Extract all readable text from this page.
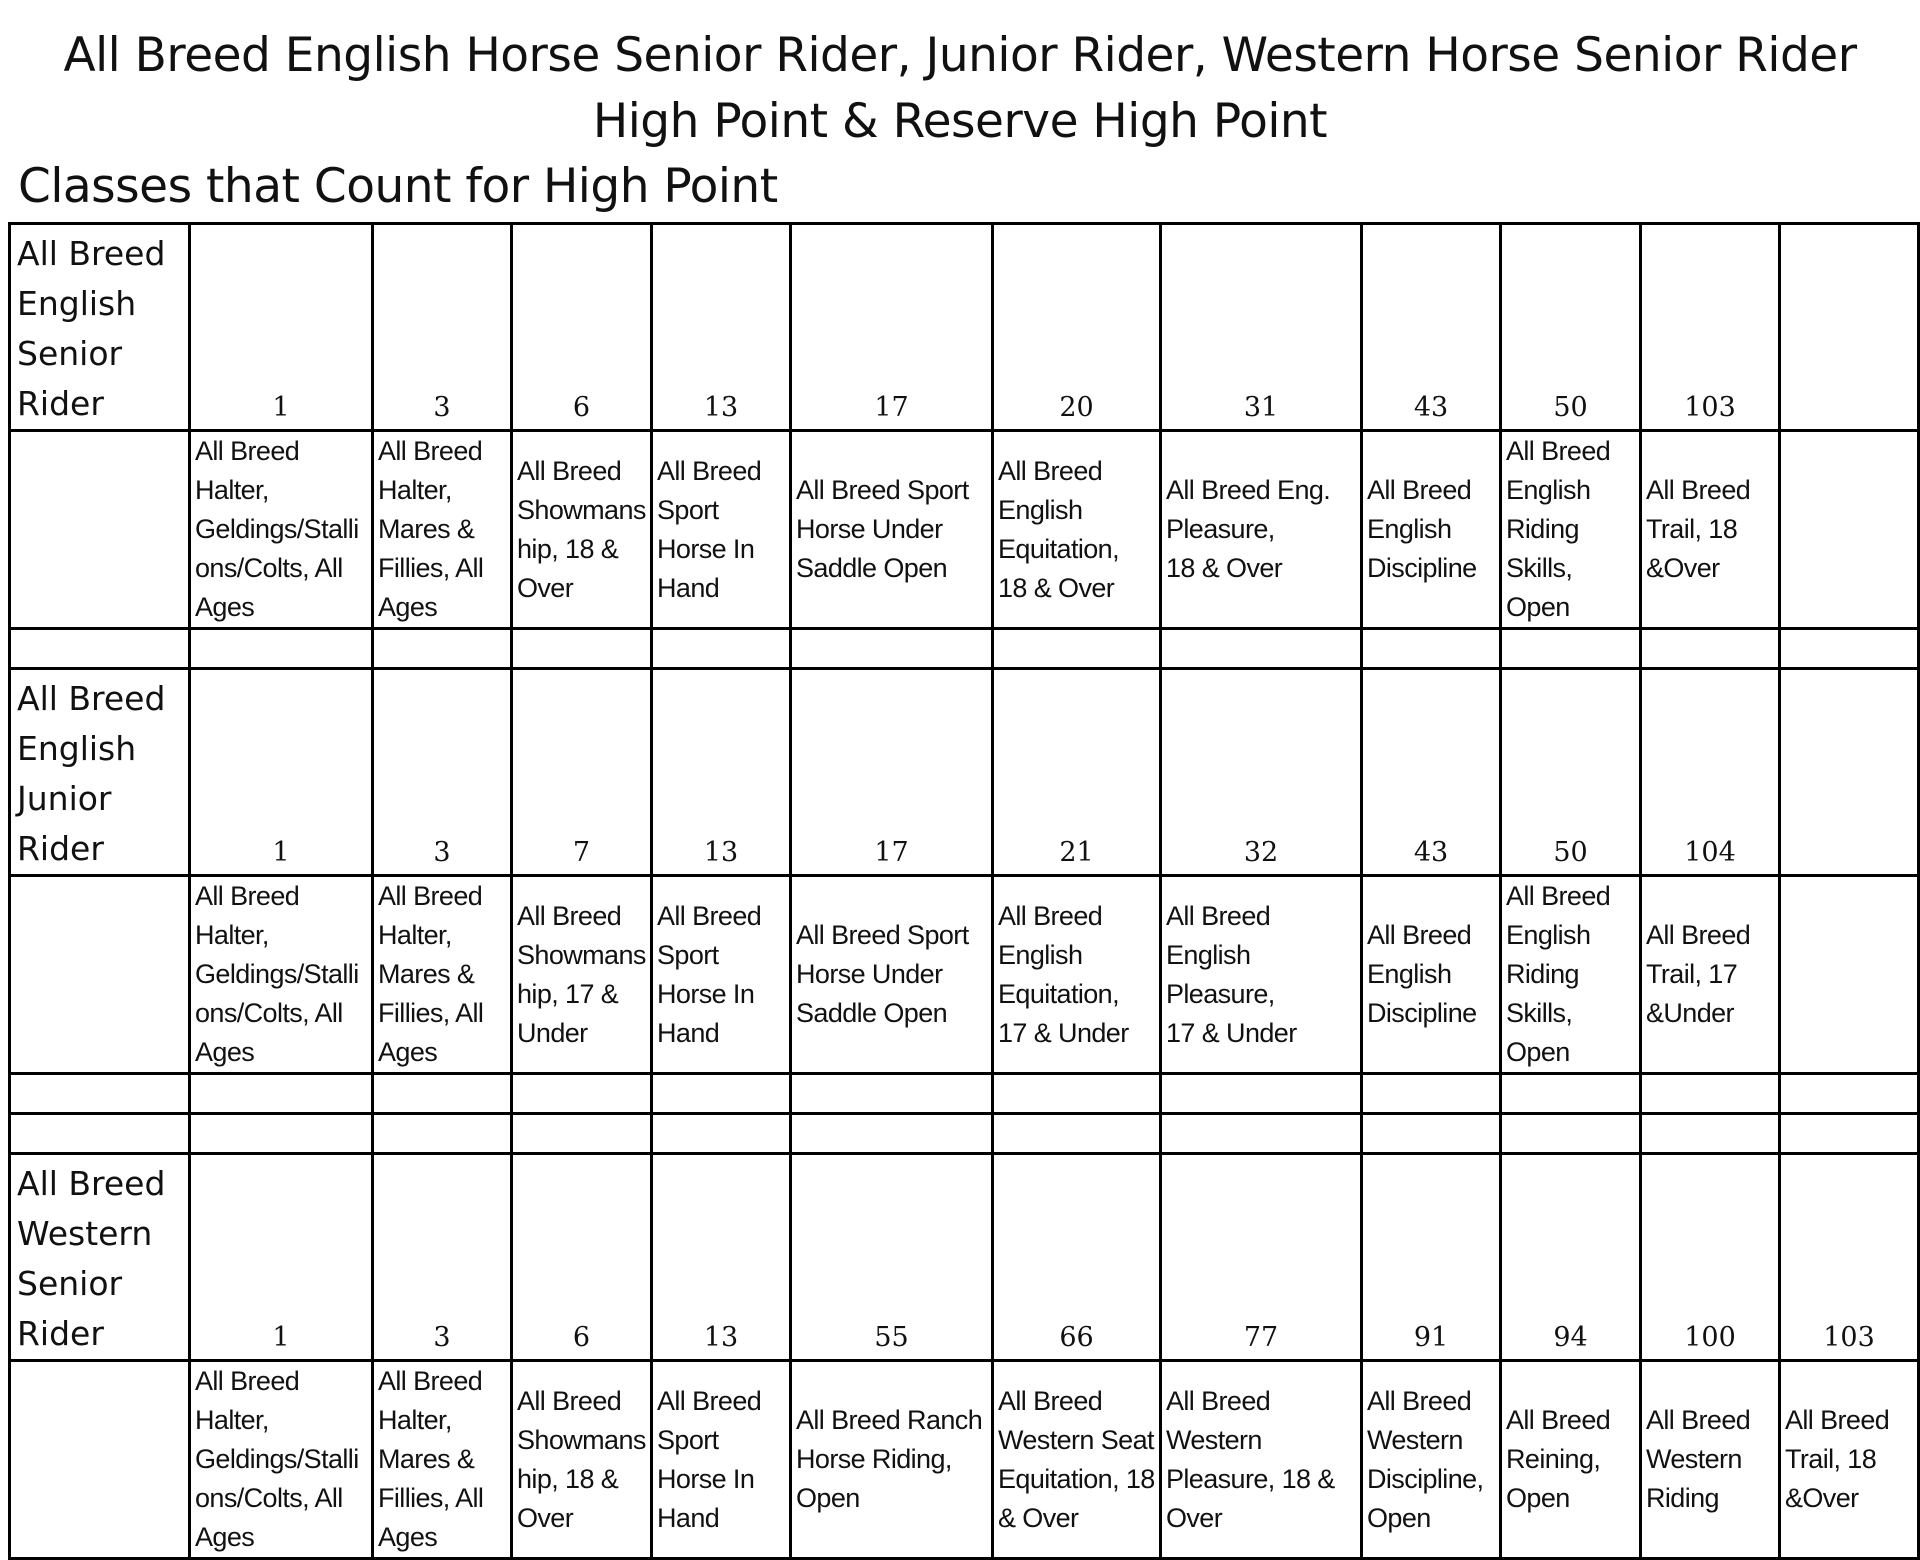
All Breed English Horse Senior Rider, Junior Rider, Western Horse Senior Rider
High Point & Reserve High Point
Classes that Count for High Point
All Breed
English
Senior
Rider	1	3	6	13	17	20	31	43	50	103	

	All Breed
Halter,
Geldings/Stalli
ons/Colts, All
Ages	All Breed
Halter,
Mares &
Fillies, All
Ages	All Breed
Showmans
hip, 18 &
Over	All Breed
Sport
Horse In
Hand	All Breed Sport
Horse Under
Saddle Open	All Breed
English
Equitation,
18 & Over	All Breed Eng.
Pleasure,
18 & Over	All Breed
English
Discipline	All Breed
English
Riding
Skills,
Open	All Breed
Trail, 18
&Over	

All Breed
English
Junior
Rider	1	3	7	13	17	21	32	43	50	104	

	All Breed
Halter,
Geldings/Stalli
ons/Colts, All
Ages	All Breed
Halter,
Mares &
Fillies, All
Ages	All Breed
Showmans
hip, 17 &
Under	All Breed
Sport
Horse In
Hand	All Breed Sport
Horse Under
Saddle Open	All Breed
English
Equitation,
17 & Under	All Breed
English
Pleasure,
17 & Under	All Breed
English
Discipline	All Breed
English
Riding
Skills,
Open	All Breed
Trail, 17
&Under	

All Breed
Western
Senior
Rider	1	3	6	13	55	66	77	91	94	100	103

	All Breed
Halter,
Geldings/Stalli
ons/Colts, All
Ages	All Breed
Halter,
Mares &
Fillies, All
Ages	All Breed
Showmans
hip, 18 &
Over	All Breed
Sport
Horse In
Hand	All Breed Ranch
Horse Riding,
Open	All Breed
Western Seat
Equitation, 18
& Over	All Breed
Western
Pleasure, 18 &
Over	All Breed
Western
Discipline,
Open	All Breed
Reining,
Open	All Breed
Western
Riding	All Breed
Trail, 18
&Over
